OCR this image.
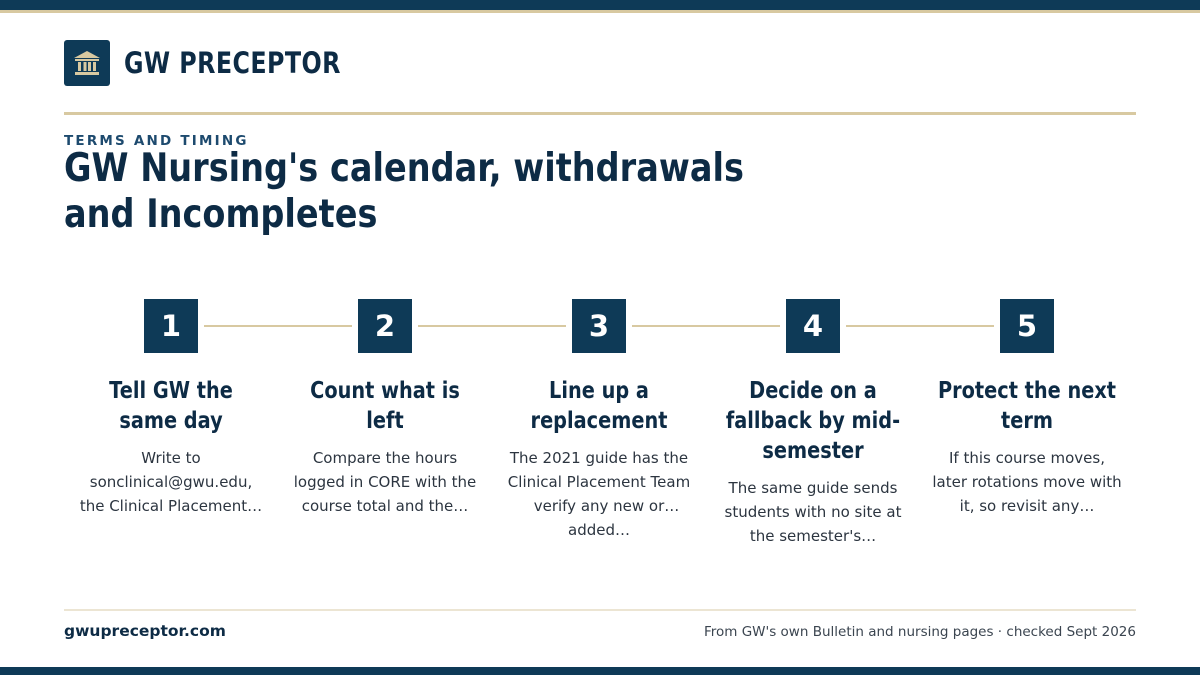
GW PRECEPTOR
TERMS AND TIMING
GW Nursing's calendar, withdrawals and Incompletes
1
Tell GW the same day
Write to sonclinical@gwu.edu, the Clinical Placement…
2
Count what is left
Compare the hours logged in CORE with the course total and the…
3
Line up a replacement
The 2021 guide has the Clinical Placement Team verify any new or added…
4
Decide on a fallback by mid-semester
The same guide sends students with no site at the semester's…
5
Protect the next term
If this course moves, later rotations move with it, so revisit any…
gwupreceptor.com	From GW's own Bulletin and nursing pages · checked Sept 2026
